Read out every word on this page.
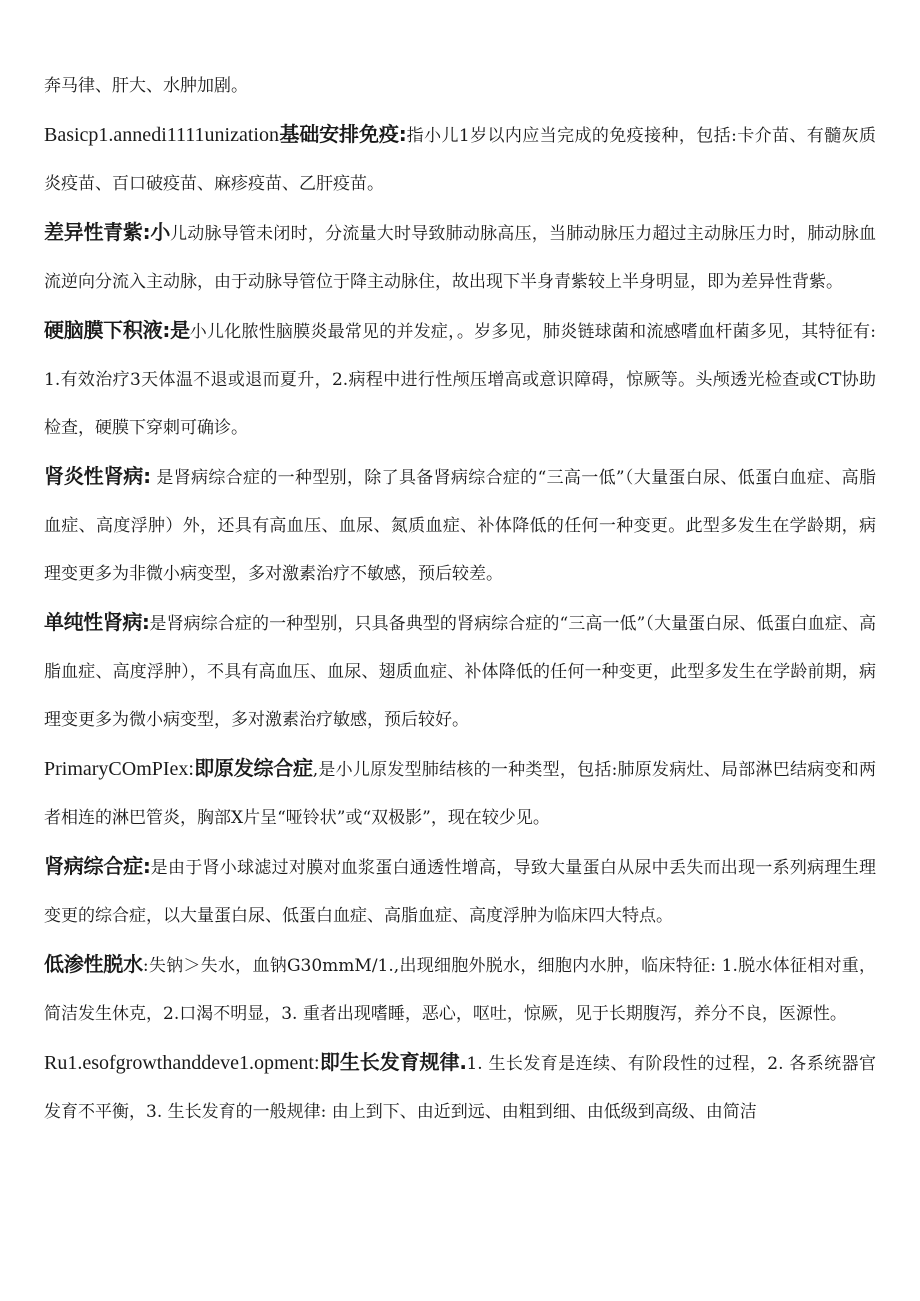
奔马律、肝大、水肿加剧。

Basicp1.annedi1111unization基础安排免疫:指小儿1岁以内应当完成的免疫接种，包括:卡介苗、有髓灰质炎疫苗、百口破疫苗、麻疹疫苗、乙肝疫苗。

差异性青紫:小儿动脉导管未闭时，分流量大时导致肺动脉高压，当肺动脉压力超过主动脉压力时，肺动脉血流逆向分流入主动脉，由于动脉导管位于降主动脉住，故出现下半身青紫较上半身明显，即为差异性背紫。

硬脑膜下积液:是小儿化脓性脑膜炎最常见的并发症，。岁多见，肺炎链球菌和流感嗜血杆菌多见，其特征有: 1.有效治疗3天体温不退或退而夏升，2.病程中进行性颅压增高或意识障碍，惊厥等。头颅透光检查或CT协助检查，硬膜下穿刺可确诊。

肾炎性肾病: 是肾病综合症的一种型别，除了具备肾病综合症的“三高一低”（大量蛋白尿、低蛋白血症、高脂血症、高度浮肿）外，还具有高血压、血尿、氮质血症、补体降低的任何一种变更。此型多发生在学龄期，病理变更多为非微小病变型，多对激素治疗不敏感，预后较差。

单纯性肾病:是肾病综合症的一种型别，只具备典型的肾病综合症的“三高一低”（大量蛋白尿、低蛋白血症、高脂血症、高度浮肿），不具有高血压、血尿、翅质血症、补体降低的任何一种变更，此型多发生在学龄前期，病理变更多为微小病变型，多对激素治疗敏感，预后较好。

PrimaryCOmPIex:即原发综合症,是小儿原发型肺结核的一种类型，包括:肺原发病灶、局部淋巴结病变和两者相连的淋巴管炎，胸部X片呈“哑铃状”或“双极影”，现在较少见。

肾病综合症:是由于肾小球滤过对膜对血浆蛋白通透性增高，导致大量蛋白从尿中丢失而出现一系列病理生理变更的综合症，以大量蛋白尿、低蛋白血症、高脂血症、高度浮肿为临床四大特点。

低渗性脱水:失钠＞失水，血钠G30mmM/1.,出现细胞外脱水，细胞内水肿，临床特征: 1.脱水体征相对重，简洁发生休克，2.口渴不明显，3. 重者出现嗜睡，恶心，呕吐，惊厥，见于长期腹泻，养分不良，医源性。

Ru1.esofgrowthanddeve1.opment:即生长发育规律.1. 生长发育是连续、有阶段性的过程，2. 各系统器官发育不平衡，3. 生长发育的一般规律: 由上到下、由近到远、由粗到细、由低级到高级、由简洁
